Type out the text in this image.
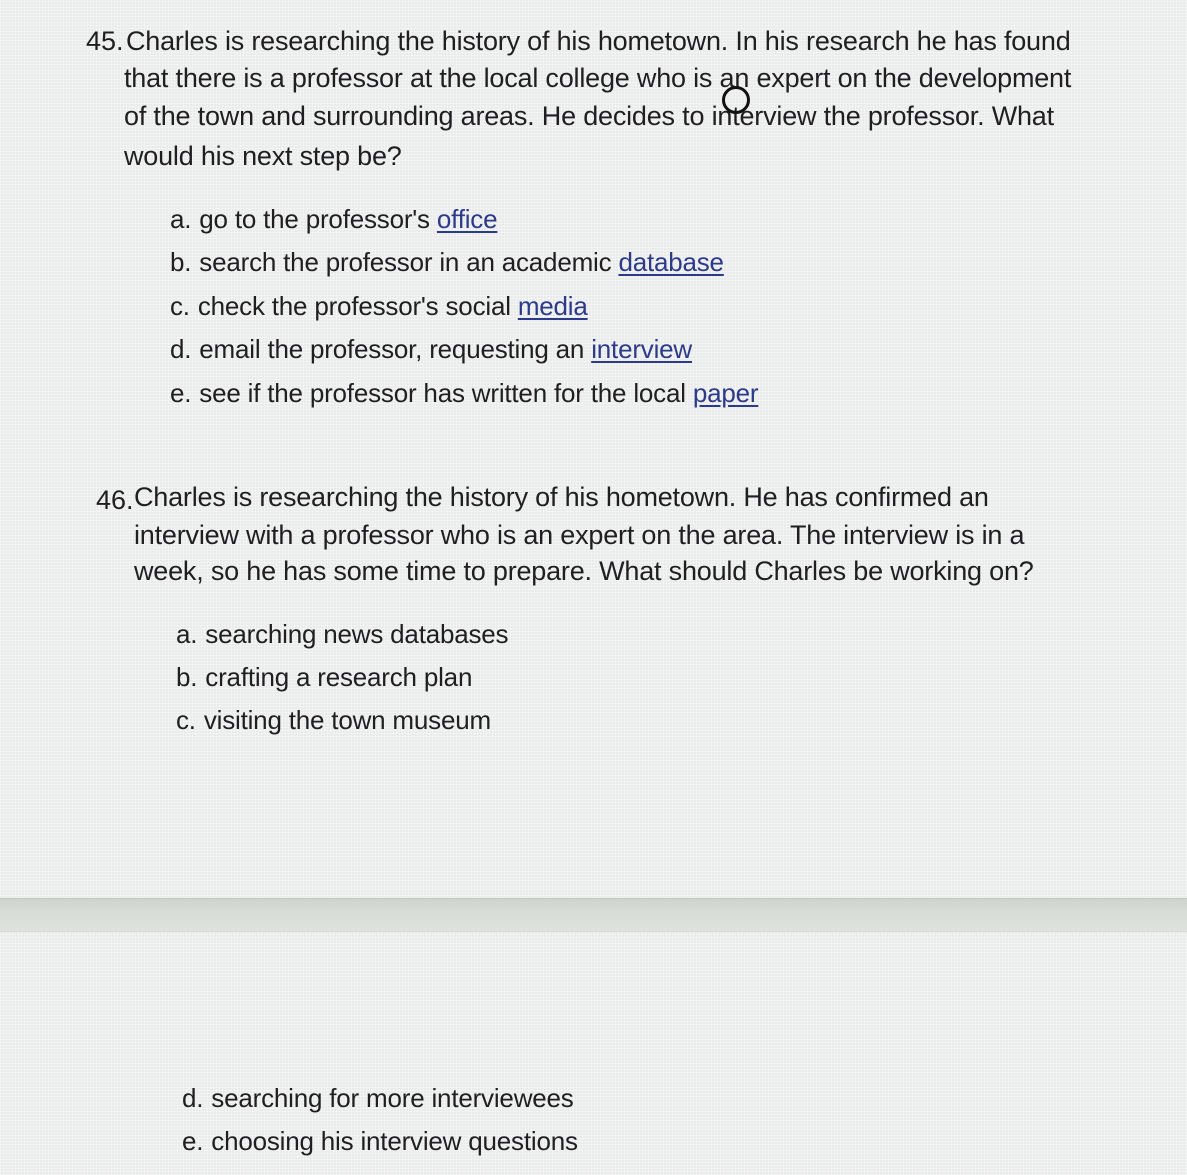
45. Charles is researching the history of his hometown. In his research he has found
that there is a professor at the local college who is an expert on the development
of the town and surrounding areas. He decides to interview the professor. What
would his next step be?
a. go to the professor's office
b. search the professor in an academic database
c. check the professor's social media
d. email the professor, requesting an interview
e. see if the professor has written for the local paper
46. Charles is researching the history of his hometown. He has confirmed an
interview with a professor who is an expert on the area. The interview is in a
week, so he has some time to prepare. What should Charles be working on?
a. searching news databases
b. crafting a research plan
c. visiting the town museum
d. searching for more interviewees
e. choosing his interview questions
